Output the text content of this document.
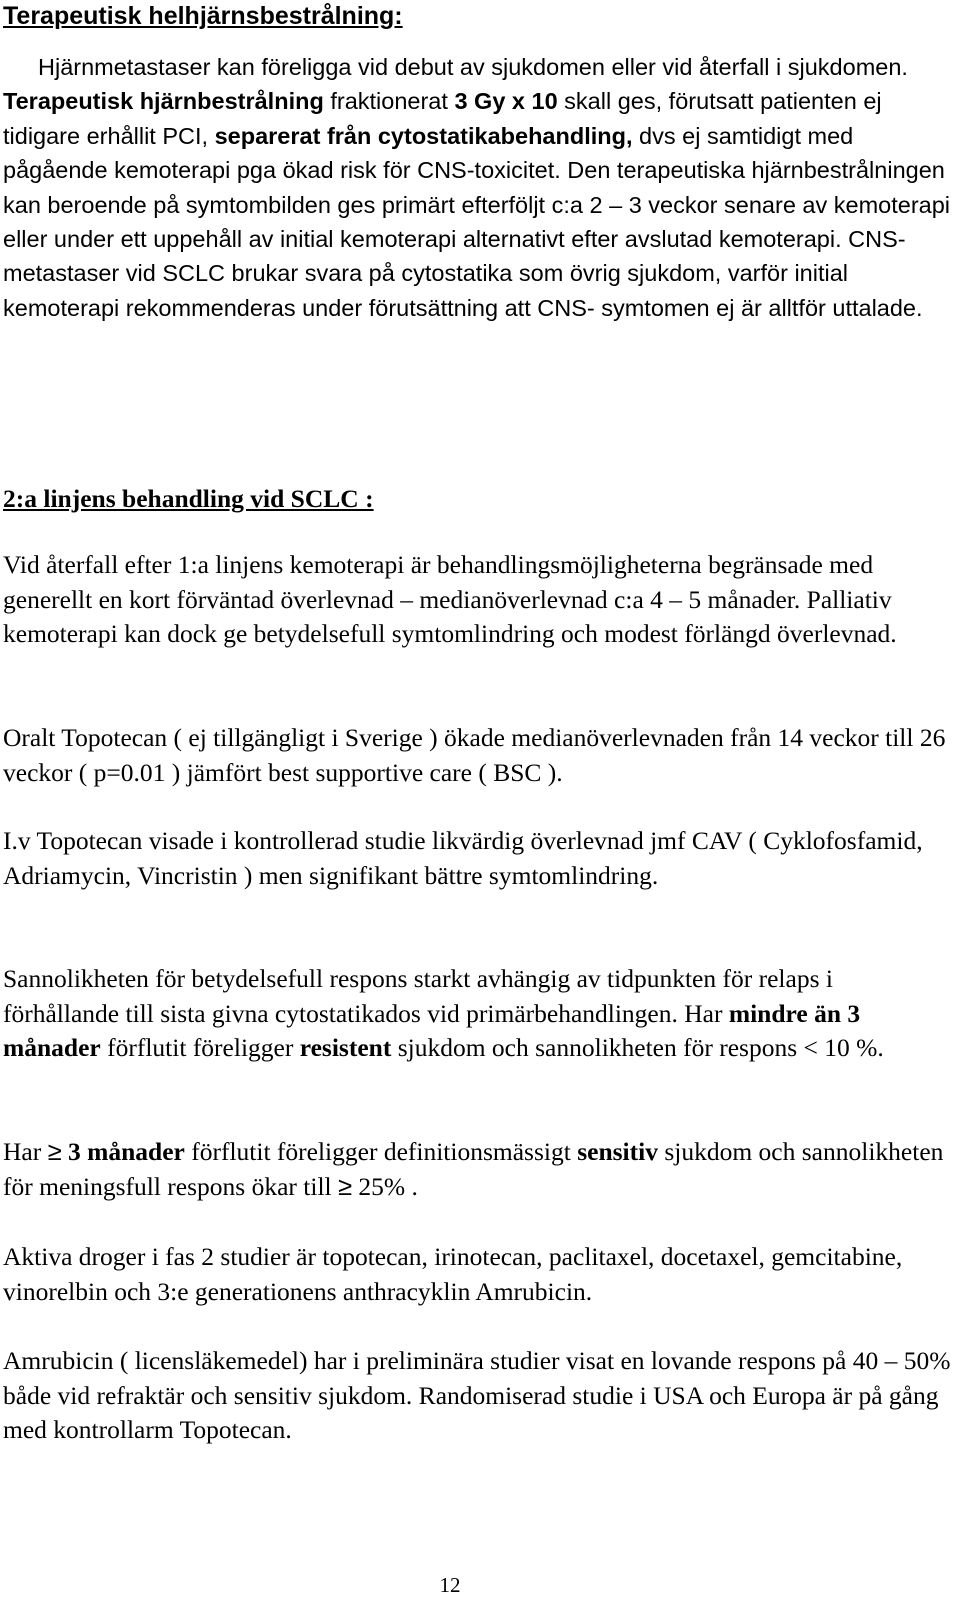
Terapeutisk helhjärnsbestrålning:

Hjärnmetastaser kan föreligga vid debut av sjukdomen eller vid återfall i sjukdomen. Terapeutisk hjärnbestrålning fraktionerat 3 Gy x 10 skall ges, förutsatt patienten ej tidigare erhållit PCI, separerat från cytostatikabehandling, dvs ej samtidigt med pågående kemoterapi pga ökad risk för CNS-toxicitet. Den terapeutiska hjärnbestrålningen kan beroende på symtombilden ges primärt efterföljt c:a 2 – 3 veckor senare av kemoterapi eller under ett uppehåll av initial kemoterapi alternativt efter avslutad kemoterapi. CNS- metastaser vid SCLC brukar svara på cytostatika som övrig sjukdom, varför initial kemoterapi rekommenderas under förutsättning att CNS- symtomen ej är alltför uttalade.

2:a linjens behandling vid SCLC :

Vid återfall efter 1:a linjens kemoterapi är behandlingsmöjligheterna begränsade med generellt en kort förväntad överlevnad – medianöverlevnad c:a 4 – 5 månader. Palliativ kemoterapi kan dock ge betydelsefull symtomlindring och modest förlängd överlevnad.

Oralt Topotecan ( ej tillgängligt i Sverige ) ökade medianöverlevnaden från 14 veckor till 26 veckor ( p=0.01 ) jämfört best supportive care ( BSC ).

I.v Topotecan visade i kontrollerad studie likvärdig överlevnad jmf CAV ( Cyklofosfamid, Adriamycin, Vincristin ) men signifikant bättre symtomlindring.

Sannolikheten för betydelsefull respons starkt avhängig av tidpunkten för relaps i förhållande till sista givna cytostatikados vid primärbehandlingen. Har mindre än 3 månader förflutit föreligger resistent sjukdom och sannolikheten för respons < 10 %.

Har ≥ 3 månader förflutit föreligger definitionsmässigt sensitiv sjukdom och sannolikheten för meningsfull respons ökar till ≥ 25% .

Aktiva droger i fas 2 studier är topotecan, irinotecan, paclitaxel, docetaxel, gemcitabine, vinorelbin och 3:e generationens anthracyklin Amrubicin.

Amrubicin ( licensläkemedel) har i preliminära studier visat en lovande respons på 40 – 50% både vid refraktär och sensitiv sjukdom. Randomiserad studie i USA och Europa är på gång med kontrollarm Topotecan.

12
